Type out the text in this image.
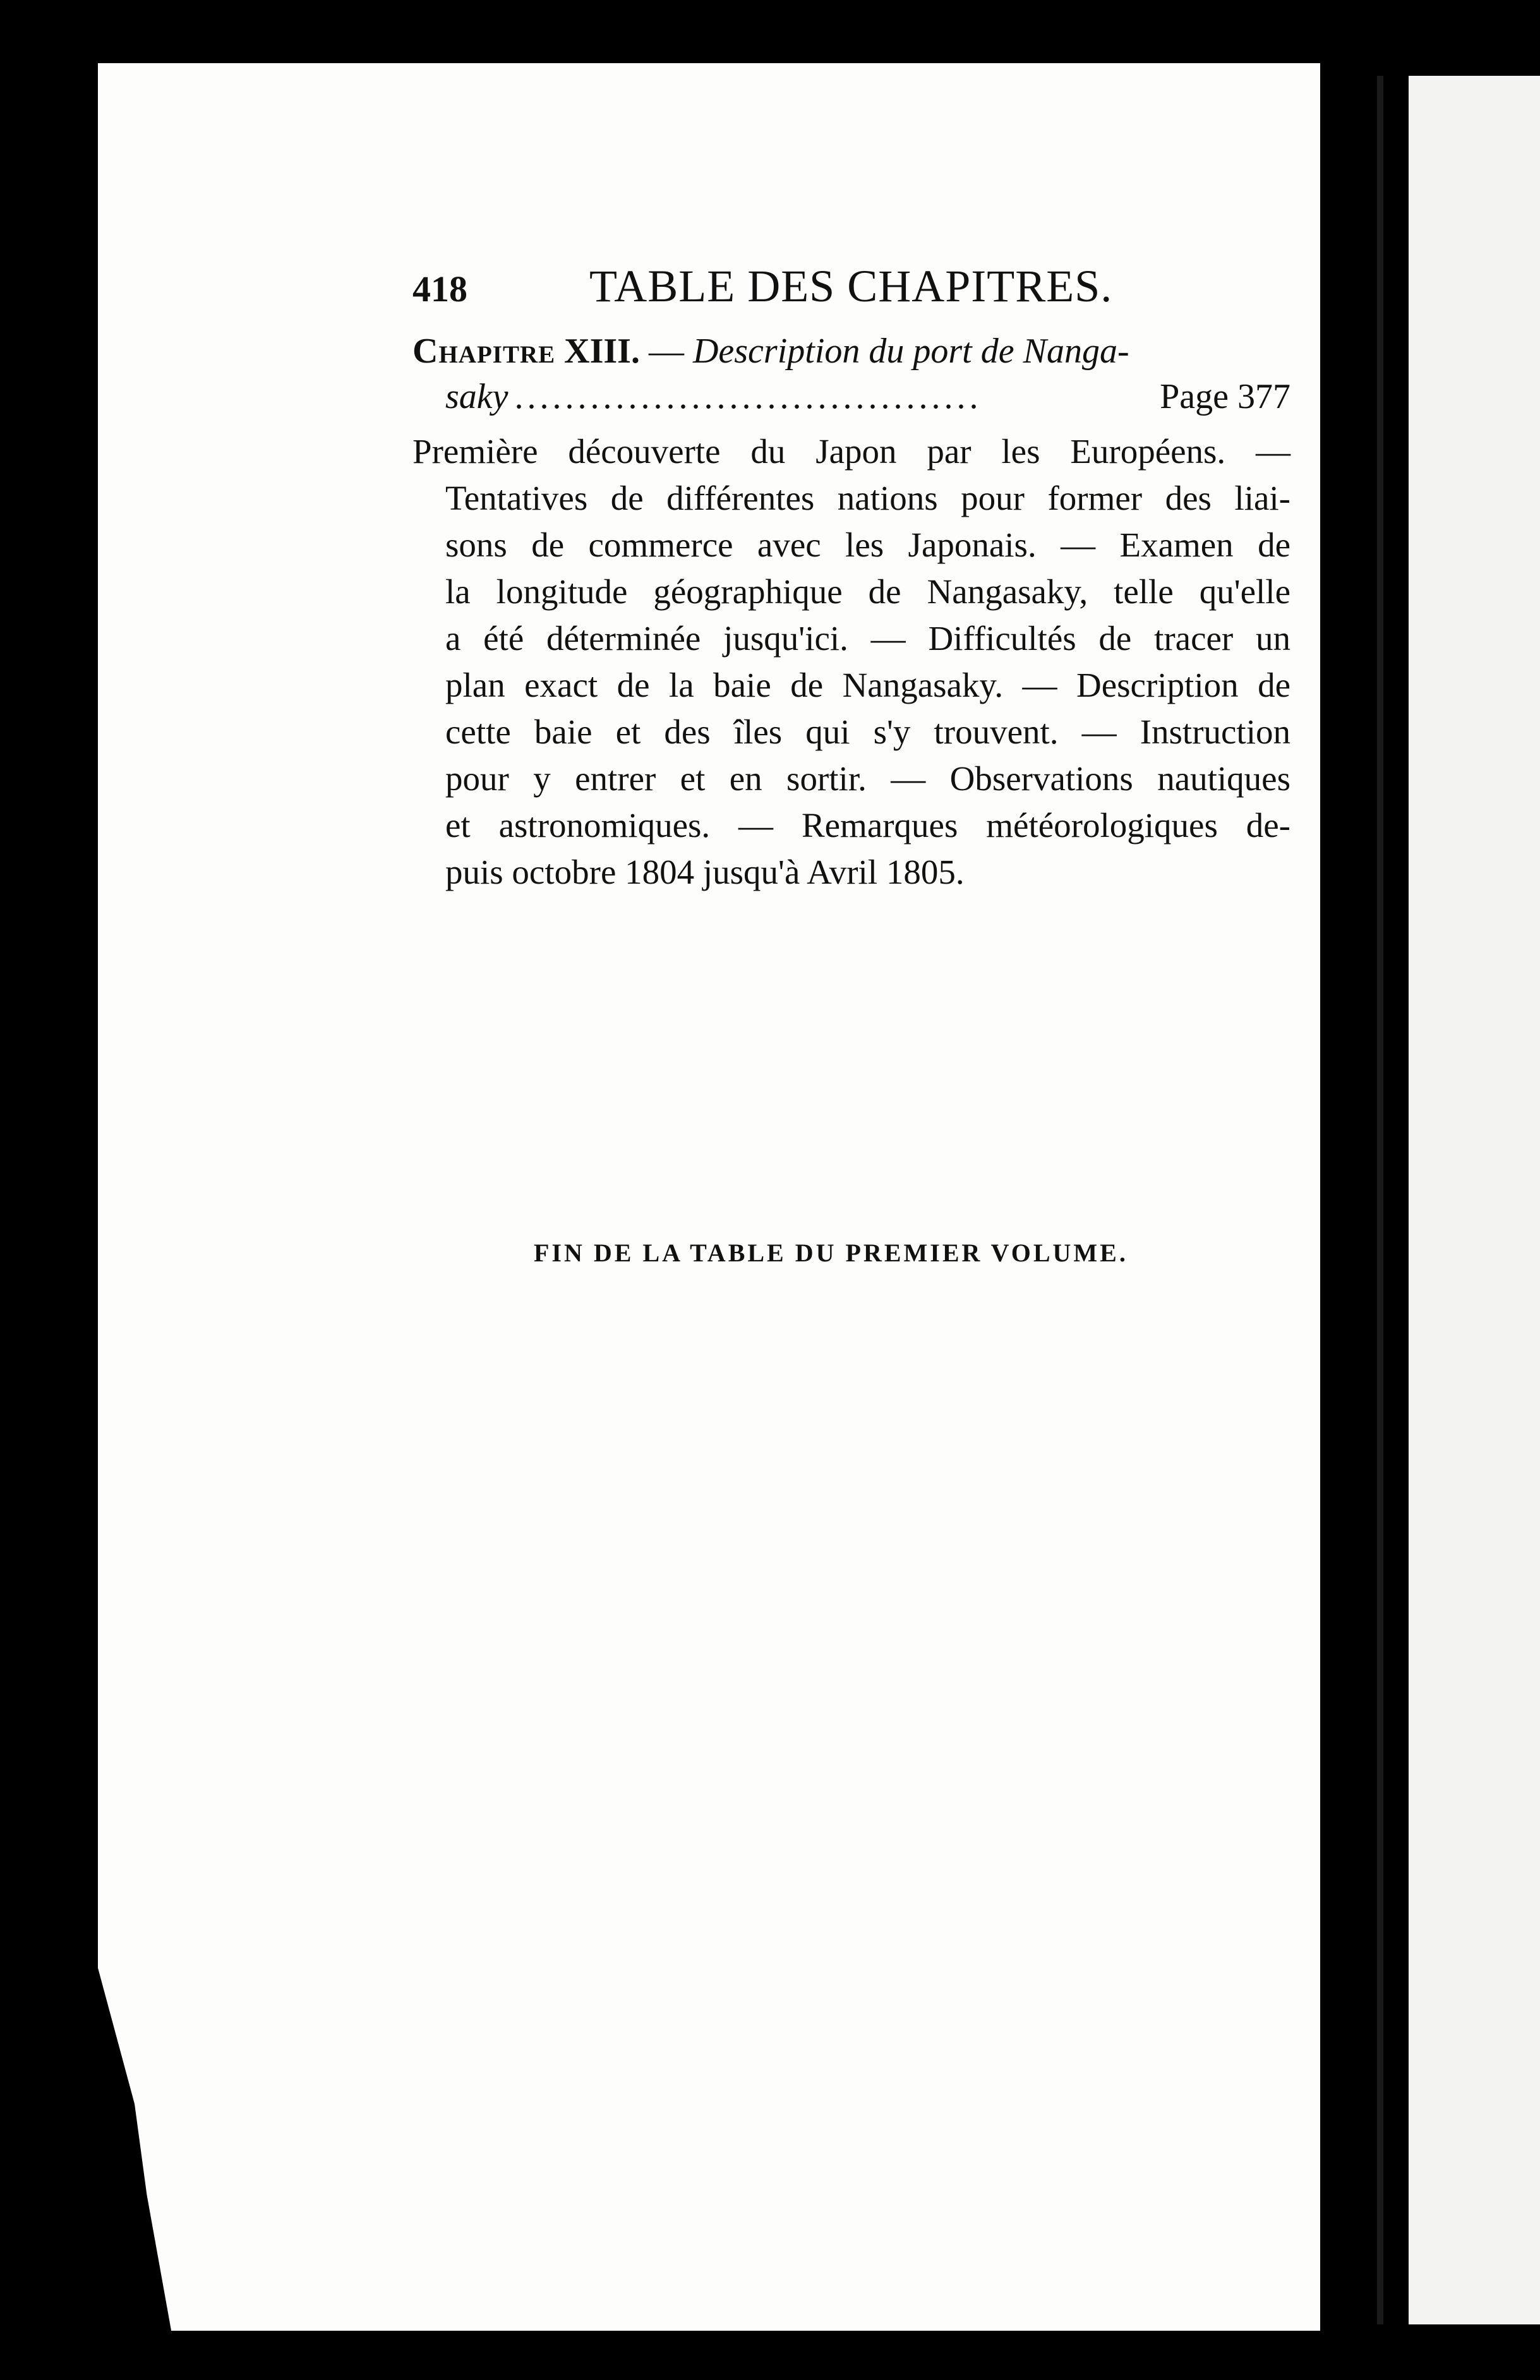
418	TABLE DES CHAPITRES.
Chapitre XIII. — Description du port de Nanga-
saky .....................................	Page 377
Première découverte du Japon par les Européens. —
Tentatives de différentes nations pour former des liai-
sons de commerce avec les Japonais. — Examen de
la longitude géographique de Nangasaky, telle qu'elle
a été déterminée jusqu'ici. — Difficultés de tracer un
plan exact de la baie de Nangasaky. — Description de
cette baie et des îles qui s'y trouvent. — Instruction
pour y entrer et en sortir. — Observations nautiques
et astronomiques. — Remarques météorologiques de-
puis octobre 1804 jusqu'à Avril 1805.
FIN DE LA TABLE DU PREMIER VOLUME.
